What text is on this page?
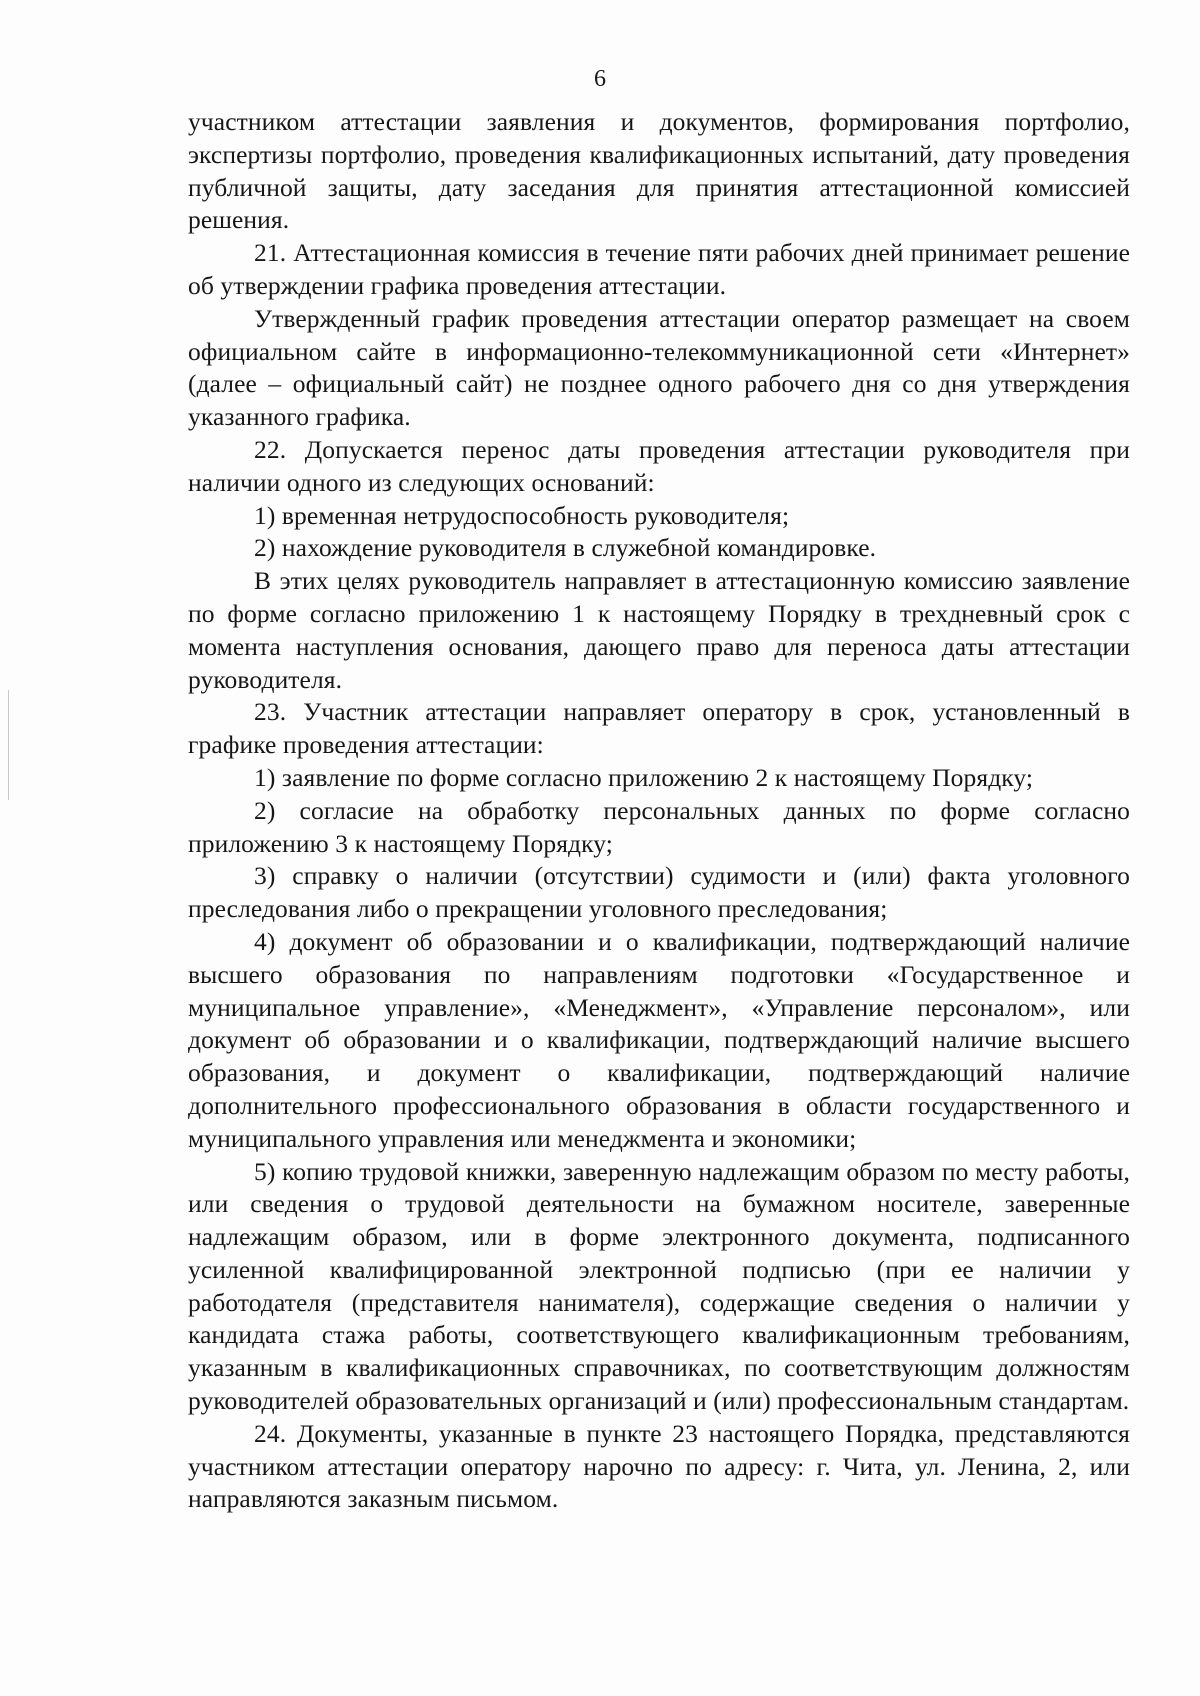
6

участником аттестации заявления и документов, формирования портфолио, экспертизы портфолио, проведения квалификационных испытаний, дату проведения публичной защиты, дату заседания для принятия аттестационной комиссией решения.

21. Аттестационная комиссия в течение пяти рабочих дней принимает решение об утверждении графика проведения аттестации.

Утвержденный график проведения аттестации оператор размещает на своем официальном сайте в информационно-телекоммуникационной сети «Интернет» (далее – официальный сайт) не позднее одного рабочего дня со дня утверждения указанного графика.

22. Допускается перенос даты проведения аттестации руководителя при наличии одного из следующих оснований:

1) временная нетрудоспособность руководителя;

2) нахождение руководителя в служебной командировке.

В этих целях руководитель направляет в аттестационную комиссию заявление по форме согласно приложению 1 к настоящему Порядку в трехдневный срок с момента наступления основания, дающего право для переноса даты аттестации руководителя.

23. Участник аттестации направляет оператору в срок, установленный в графике проведения аттестации:

1) заявление по форме согласно приложению 2 к настоящему Порядку;

2) согласие на обработку персональных данных по форме согласно приложению 3 к настоящему Порядку;

3) справку о наличии (отсутствии) судимости и (или) факта уголовного преследования либо о прекращении уголовного преследования;

4) документ об образовании и о квалификации, подтверждающий наличие высшего образования по направлениям подготовки «Государственное и муниципальное управление», «Менеджмент», «Управление персоналом», или документ об образовании и о квалификации, подтверждающий наличие высшего образования, и документ о квалификации, подтверждающий наличие дополнительного профессионального образования в области государственного и муниципального управления или менеджмента и экономики;

5) копию трудовой книжки, заверенную надлежащим образом по месту работы, или сведения о трудовой деятельности на бумажном носителе, заверенные надлежащим образом, или в форме электронного документа, подписанного усиленной квалифицированной электронной подписью (при ее наличии у работодателя (представителя нанимателя), содержащие сведения о наличии у кандидата стажа работы, соответствующего квалификационным требованиям, указанным в квалификационных справочниках, по соответствующим должностям руководителей образовательных организаций и (или) профессиональным стандартам.

24. Документы, указанные в пункте 23 настоящего Порядка, представляются участником аттестации оператору нарочно по адресу: г. Чита, ул. Ленина, 2, или направляются заказным письмом.
